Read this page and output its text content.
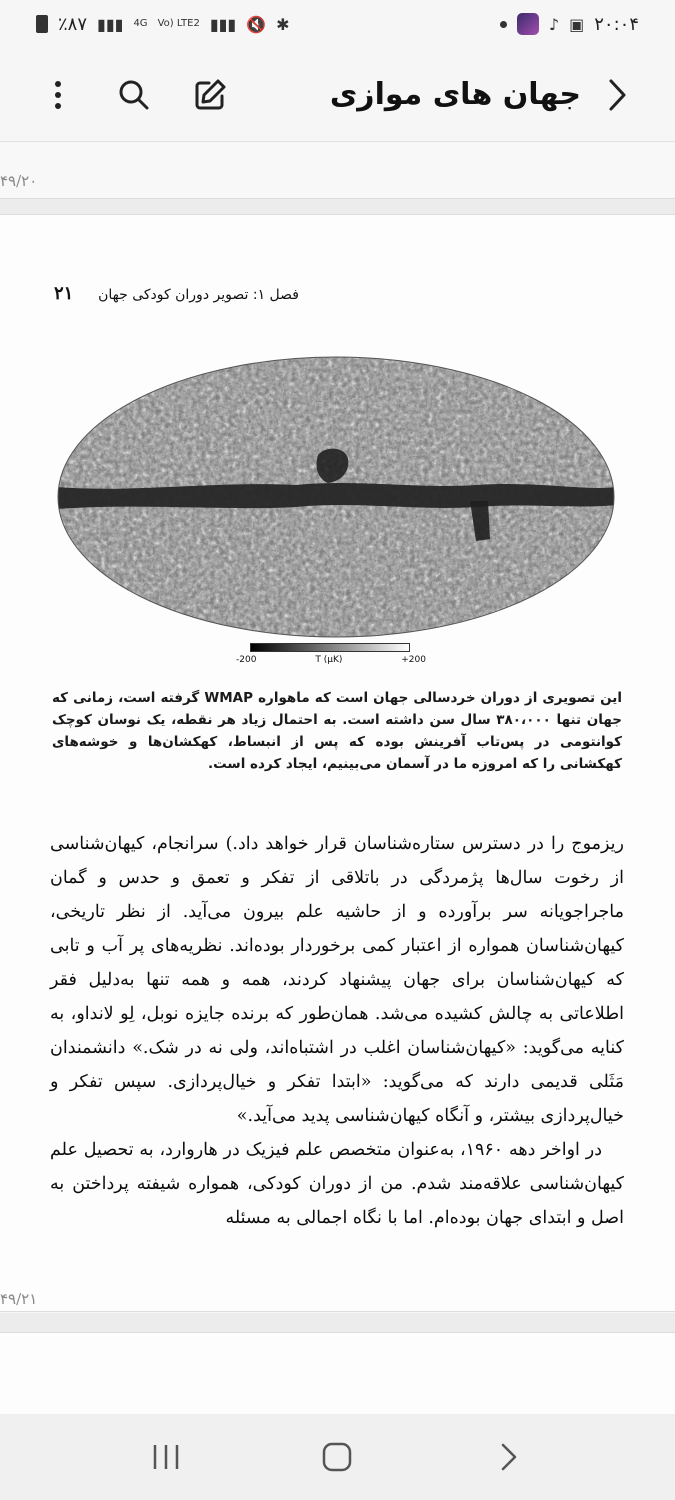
٪۸۷ ▮▮▮ 4G Vo) LTE2 ▮▮▮ 🔇 ✱	♪ ▣ ۲۰:۰۴
جهان های موازی
۴۹/۲۰
فصل ۱: تصویر دوران کودکی جهان
۲۱
-200	T (µK)	+200
این تصویری از دوران خردسالی جهان است که ماهواره WMAP گرفته است، زمانی که جهان تنها ۳۸۰،۰۰۰ سال سن داشته است. به احتمال زیاد هر نقطه، یک نوسان کوچک کوانتومی در پس‌تاب آفرینش بوده که پس از انبساط، کهکشان‌ها و خوشه‌های کهکشانی را که امروزه ما در آسمان می‌بینیم، ایجاد کرده است.

ریزموج را در دسترس ستاره‌شناسان قرار خواهد داد.) سرانجام، کیهان‌شناسی از رخوت سال‌ها پژمردگی در باتلاقی از تفکر و تعمق و حدس و گمان ماجراجویانه سر برآورده و از حاشیه علم بیرون می‌آید. از نظر تاریخی، کیهان‌شناسان همواره از اعتبار کمی برخوردار بوده‌اند. نظریه‌های پر آب و تابی که کیهان‌شناسان برای جهان پیشنهاد کردند، همه و همه تنها به‌دلیل فقر اطلاعاتی به چالش کشیده می‌شد. همان‌طور که برنده جایزه نوبل، لِو لانداو، به کنایه می‌گوید: «کیهان‌شناسان اغلب در اشتباه‌اند، ولی نه در شک.» دانشمندان مَثَلی قدیمی دارند که می‌گوید: «ابتدا تفکر و خیال‌پردازی. سپس تفکر و خیال‌پردازی بیشتر، و آنگاه کیهان‌شناسی پدید می‌آید.»

در اواخر دهه ۱۹۶۰، به‌عنوان متخصص علم فیزیک در هاروارد، به تحصیل علم کیهان‌شناسی علاقه‌مند شدم. من از دوران کودکی، همواره شیفته پرداختن به اصل و ابتدای جهان بوده‌ام. اما با نگاه اجمالی به مسئله

۴۹/۲۱
